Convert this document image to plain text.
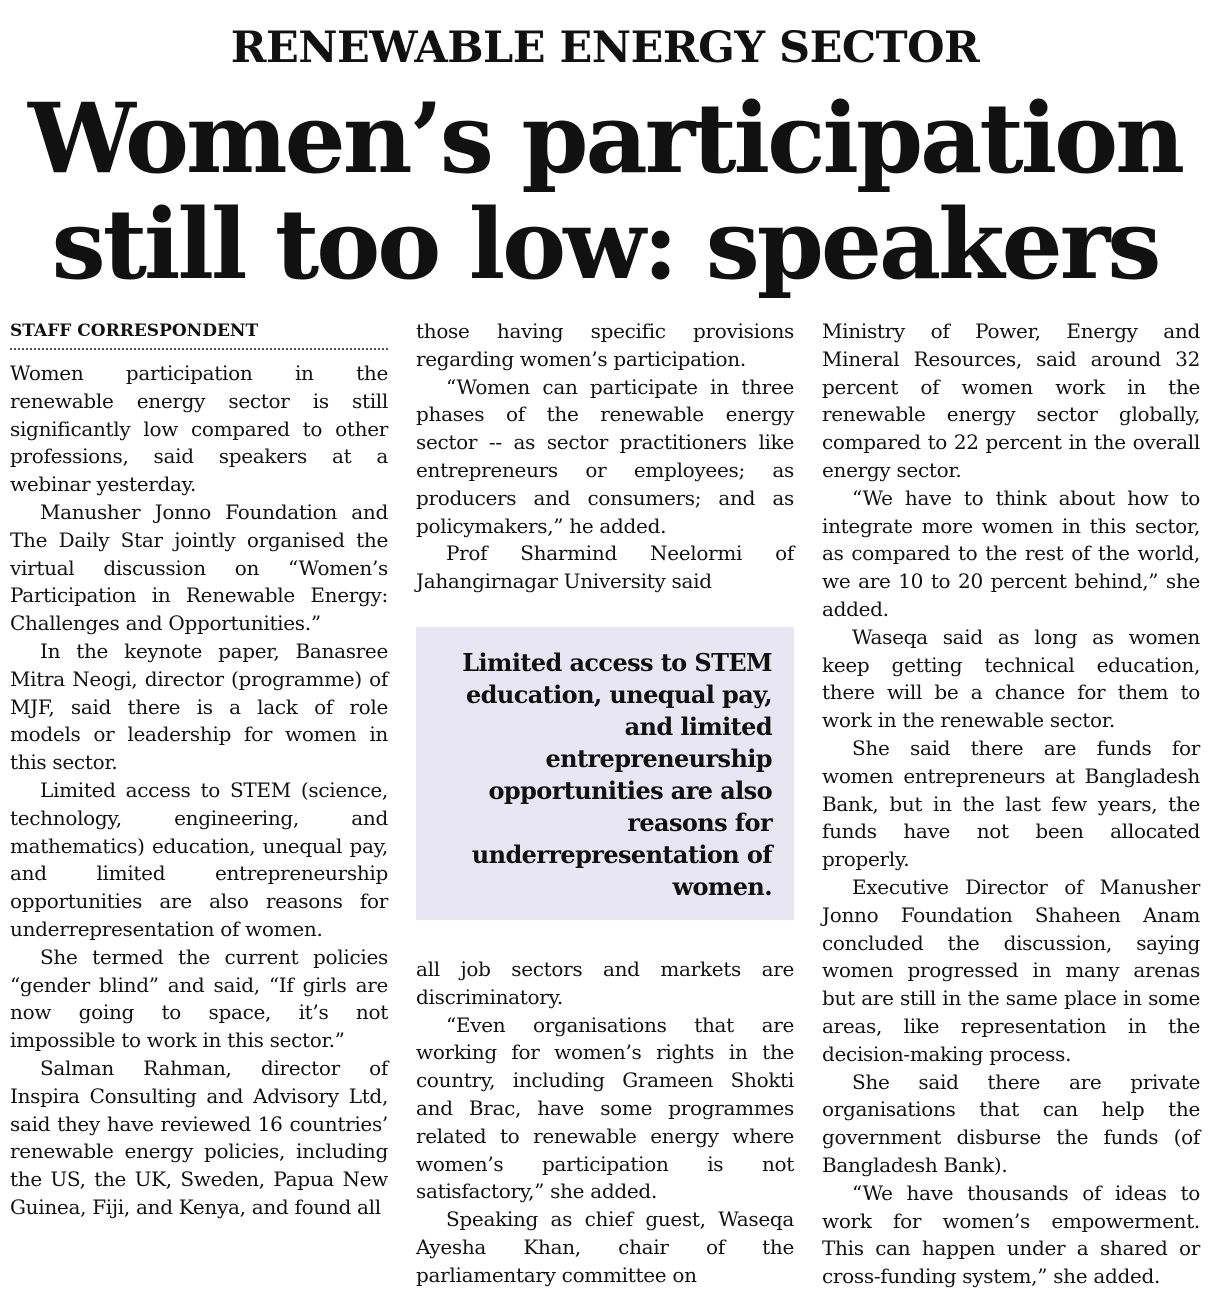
RENEWABLE ENERGY SECTOR
Women’s participation
still too low: speakers
STAFF CORRESPONDENT

Women participation in the renewable energy sector is still significantly low compared to other professions, said speakers at a webinar yesterday.

Manusher Jonno Foundation and The Daily Star jointly organised the virtual discussion on “Women’s Participation in Renewable Energy: Challenges and Opportunities.”

In the keynote paper, Banasree Mitra Neogi, director (programme) of MJF, said there is a lack of role models or leadership for women in this sector.

Limited access to STEM (science, technology, engineering, and mathematics) education, unequal pay, and limited entrepreneurship opportunities are also reasons for underrepresentation of women.

She termed the current policies “gender blind” and said, “If girls are now going to space, it’s not impossible to work in this sector.”

Salman Rahman, director of Inspira Consulting and Advisory Ltd, said they have reviewed 16 countries’ renewable energy policies, including the US, the UK, Sweden, Papua New Guinea, Fiji, and Kenya, and found all

those having specific provisions regarding women’s participation.

“Women can participate in three phases of the renewable energy sector -- as sector practitioners like entrepreneurs or employees; as producers and consumers; and as policymakers,” he added.

Prof Sharmind Neelormi of Jahangirnagar University said

Limited access to STEM education, unequal pay, and limited entrepreneurship opportunities are also reasons for underrepresentation of women.

all job sectors and markets are discriminatory.

“Even organisations that are working for women’s rights in the country, including Grameen Shokti and Brac, have some programmes related to renewable energy where women’s participation is not satisfactory,” she added.

Speaking as chief guest, Waseqa Ayesha Khan, chair of the parliamentary committee on

Ministry of Power, Energy and Mineral Resources, said around 32 percent of women work in the renewable energy sector globally, compared to 22 percent in the overall energy sector.

“We have to think about how to integrate more women in this sector, as compared to the rest of the world, we are 10 to 20 percent behind,” she added.

Waseqa said as long as women keep getting technical education, there will be a chance for them to work in the renewable sector.

She said there are funds for women entrepreneurs at Bangladesh Bank, but in the last few years, the funds have not been allocated properly.

Executive Director of Manusher Jonno Foundation Shaheen Anam concluded the discussion, saying women progressed in many arenas but are still in the same place in some areas, like representation in the decision-making process.

She said there are private organisations that can help the government disburse the funds (of Bangladesh Bank).

“We have thousands of ideas to work for women’s empowerment. This can happen under a shared or cross-funding system,” she added.
